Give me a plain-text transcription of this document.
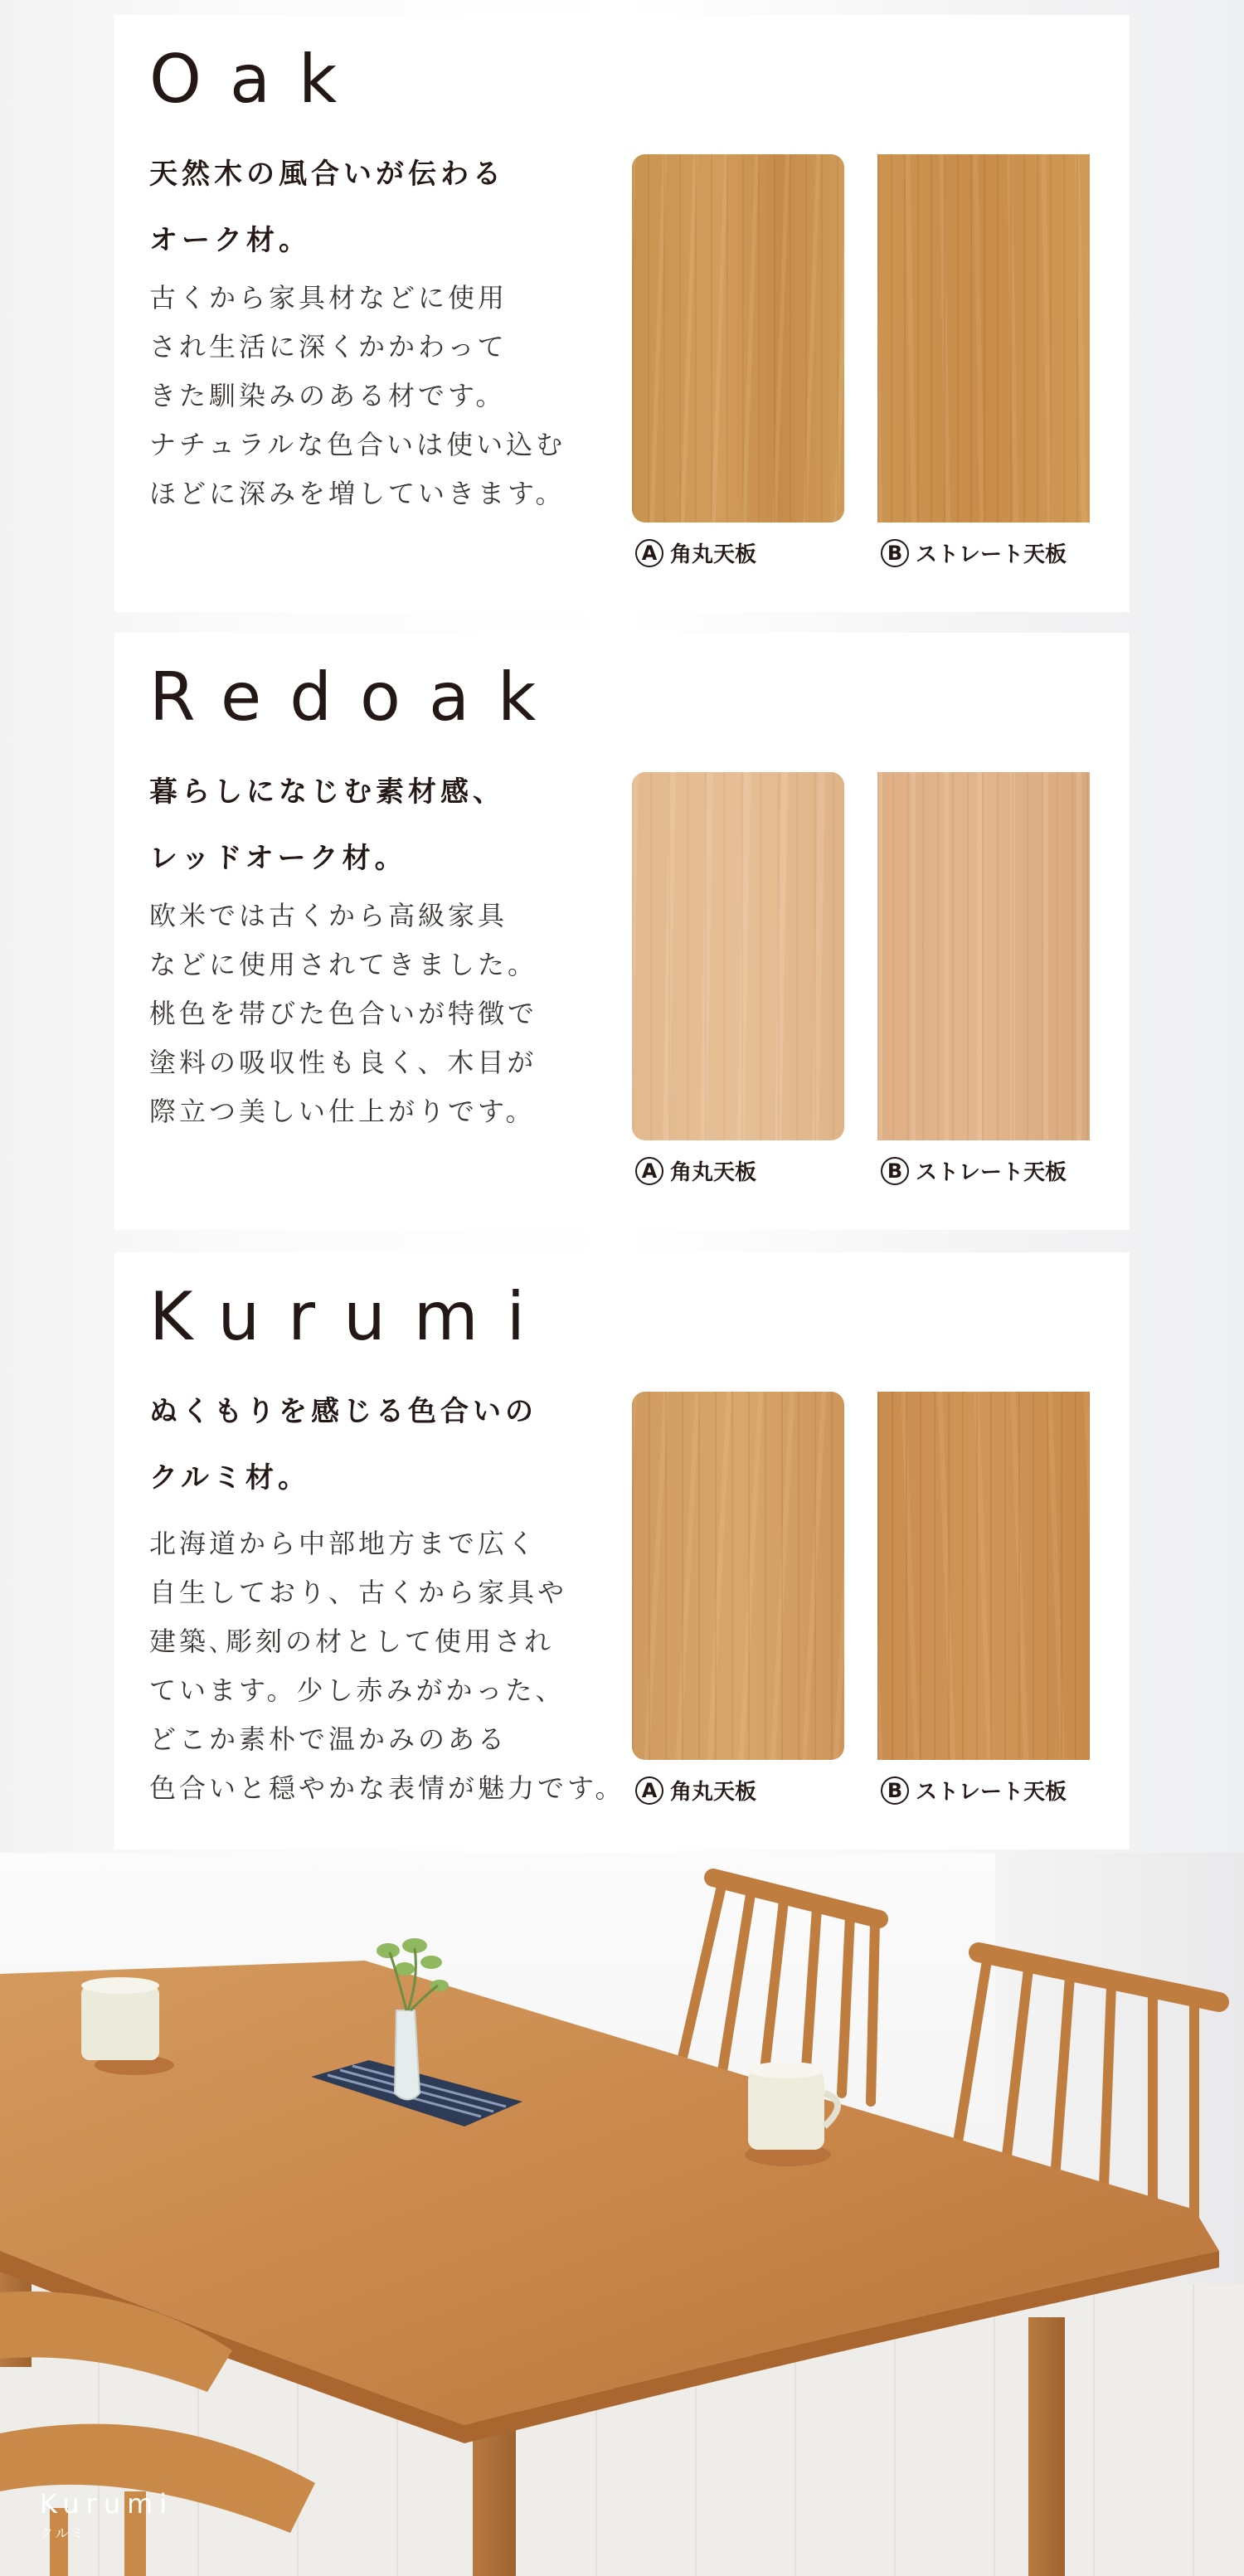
Oak
天然木の風合いが伝わる
オーク材。
古くから家具材などに使用
され生活に深くかかわって
きた馴染みのある材です。
ナチュラルな色合いは使い込む
ほどに深みを増していきます。
A 角丸天板	B ストレート天板
Redoak
暮らしになじむ素材感、
レッドオーク材。
欧米では古くから高級家具
などに使用されてきました。
桃色を帯びた色合いが特徴で
塗料の吸収性も良く、木目が
際立つ美しい仕上がりです。
A 角丸天板	B ストレート天板
Kurumi
ぬくもりを感じる色合いの
クルミ材。
北海道から中部地方まで広く
自生しており、古くから家具や
建築､彫刻の材として使用され
ています。少し赤みがかった、
どこか素朴で温かみのある
色合いと穏やかな表情が魅力です。 A 角丸天板	B ストレート天板
Kurumi
クルミ
